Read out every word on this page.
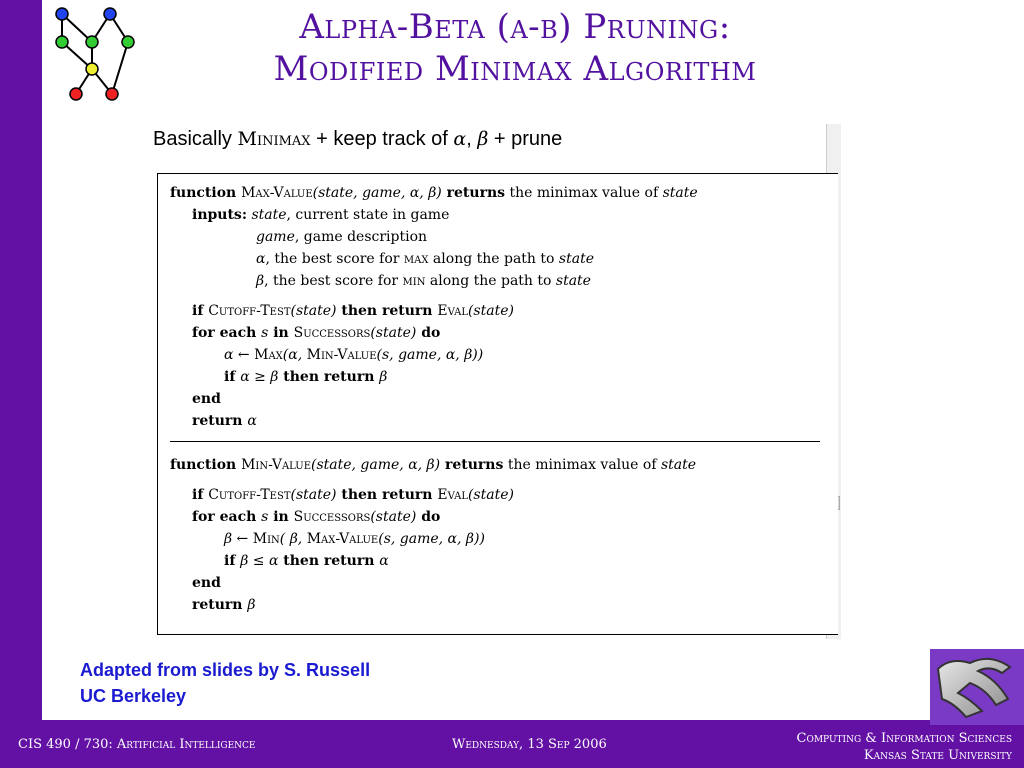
Alpha-Beta (α-β) Pruning:
Modified Minimax Algorithm
Basically Minimax + keep track of α, β + prune
function Max-Value(state, game, α, β) returns the minimax value of state
inputs: state, current state in game
game, game description
α, the best score for max along the path to state
β, the best score for min along the path to state
if Cutoff-Test(state) then return Eval(state)
for each s in Successors(state) do
α ← Max(α, Min-Value(s, game, α, β))
if α ≥ β then return β
end
return α
function Min-Value(state, game, α, β) returns the minimax value of state
if Cutoff-Test(state) then return Eval(state)
for each s in Successors(state) do
β ← Min( β, Max-Value(s, game, α, β))
if β ≤ α then return α
end
return β
Adapted from slides by S. Russell
UC Berkeley
CIS 490 / 730: Artificial Intelligence	Wednesday, 13 Sep 2006	Computing & Information Sciences
Kansas State University
